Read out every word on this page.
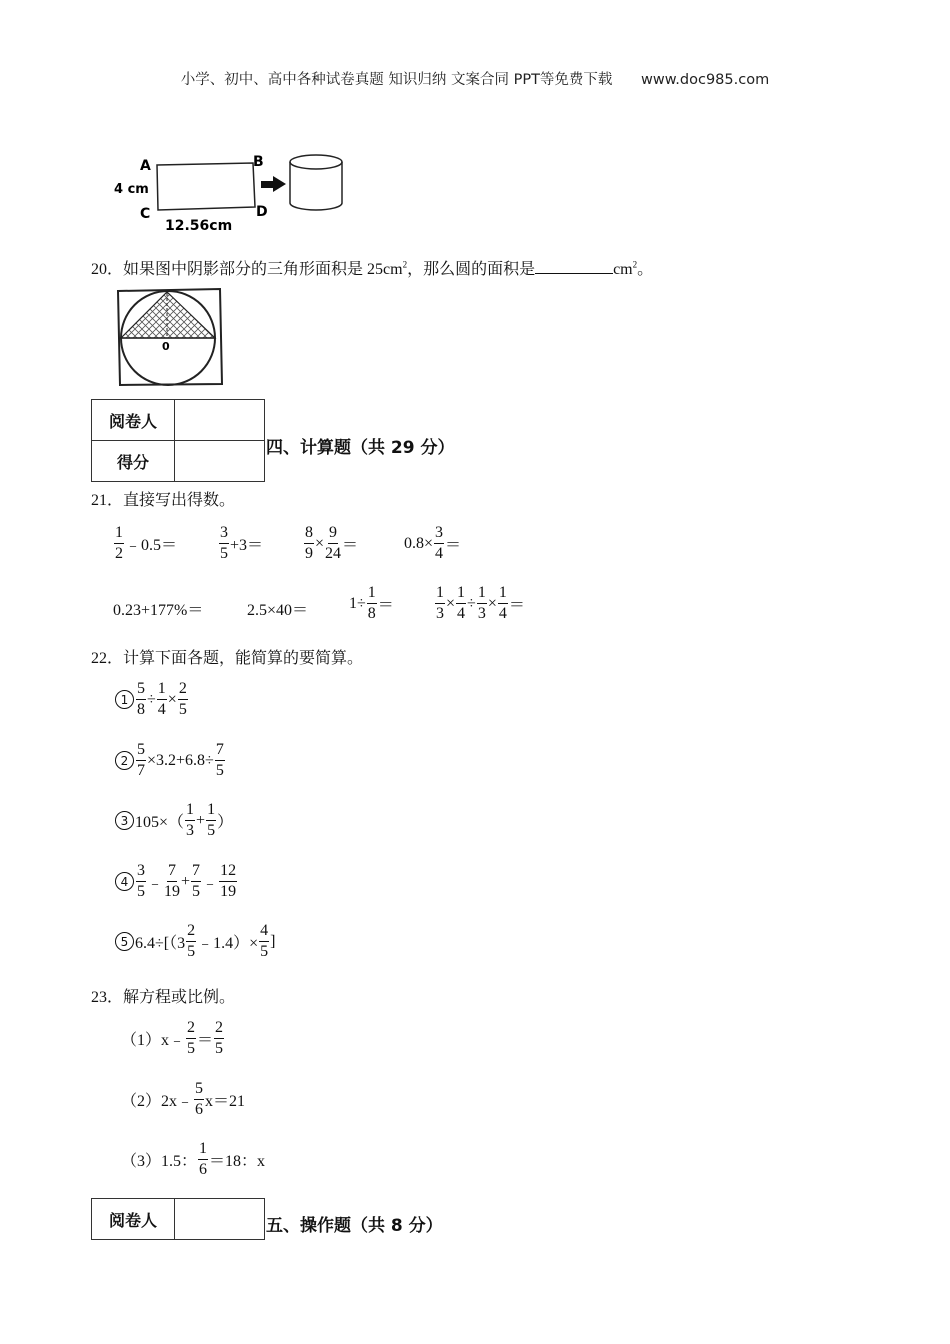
小学、初中、高中各种试卷真题 知识归纳 文案合同 PPT等免费下载 www.doc985.com
A	B
C	D
4 cm
12.56cm
20．如果图中阴影部分的三角形面积是 $25cm^2$，那么圆的面积是	$cm^2$。
0
阅卷人	
得分	
四、计算题（共 29 分）
21．直接写出得数。
$\frac{1}{2}$ ﹣0.5＝	$\frac{3}{5} +3=$	$\frac{8}{9} \times \frac{9}{24}$ ＝	$0.8\times \frac{3}{4}$ ＝
0.23+177%＝	2.5×40＝	$1\div \frac{1}{8}$ ＝	$\frac{1}{3} \times \frac{1}{4} \div \frac{1}{3} \times \frac{1}{4}$ ＝
22．计算下面各题，能简算的要简算。
$1 \frac{5}{8} \div \frac{1}{4} \times \frac{2}{5}$
$2 \frac{5}{7} \times 3.2+6.8\div \frac{7}{5}$
3 $105\times( \frac{1}{3} + \frac{1}{5}$ ）
$4 \frac{3}{5}$ ﹣ $\frac{7}{19} + \frac{7}{5}$ ﹣ $\frac{12}{19}$
5 $6.4\div[(3 \frac{2}{5}$ ﹣1.4）× $\frac{4}{5}$ ]
23．解方程或比例。
（1）x﹣ $\frac{2}{5} = \frac{2}{5}$
（2）2x﹣ $\frac{5}{6} x=21$
（3）1.5： $\frac{1}{6} =18$：x
阅卷人		五、操作题（共 8 分）
